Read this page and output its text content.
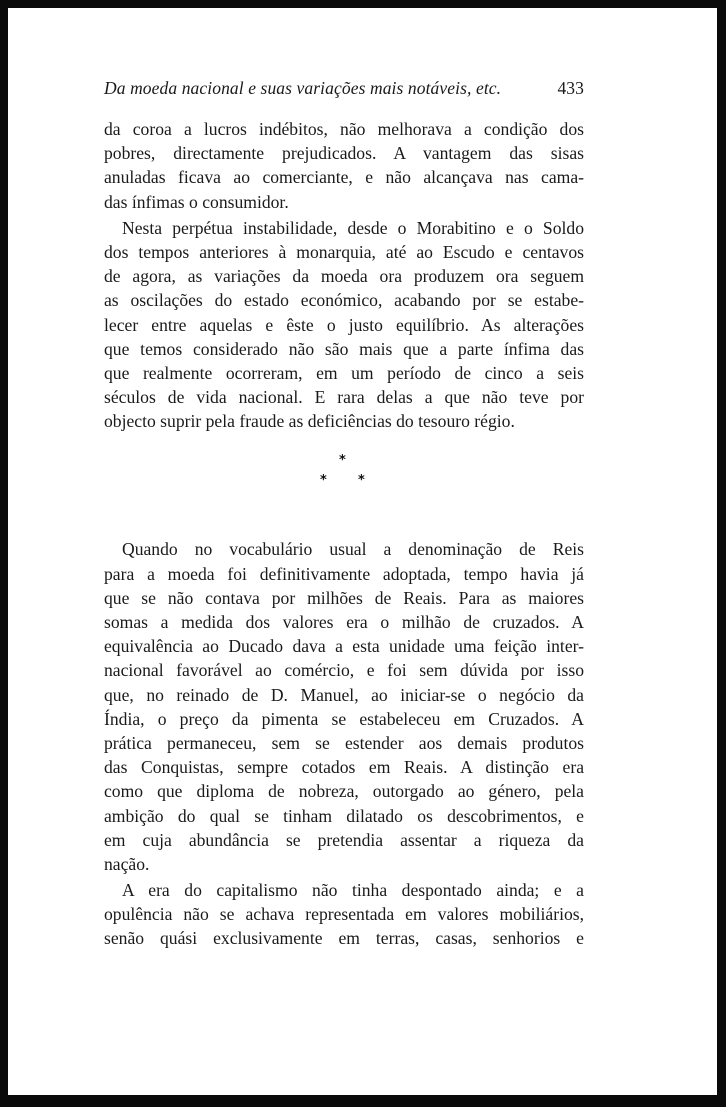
Da moeda nacional e suas variações mais notáveis, etc.	433
da coroa a lucros indébitos, não melhorava a condição dos
pobres, directamente prejudicados. A vantagem das sisas
anuladas ficava ao comerciante, e não alcançava nas cama-
das ínfimas o consumidor.
Nesta perpétua instabilidade, desde o Morabitino e o Soldo
dos tempos anteriores à monarquia, até ao Escudo e centavos
de agora, as variações da moeda ora produzem ora seguem
as oscilações do estado económico, acabando por se estabe-
lecer entre aquelas e êste o justo equilíbrio. As alterações
que temos considerado não são mais que a parte ínfima das
que realmente ocorreram, em um período de cinco a seis
séculos de vida nacional. E rara delas a que não teve por
objecto suprir pela fraude as deficiências do tesouro régio.
*
* *
Quando no vocabulário usual a denominação de Reis
para a moeda foi definitivamente adoptada, tempo havia já
que se não contava por milhões de Reais. Para as maiores
somas a medida dos valores era o milhão de cruzados. A
equivalência ao Ducado dava a esta unidade uma feição inter-
nacional favorável ao comércio, e foi sem dúvida por isso
que, no reinado de D. Manuel, ao iniciar-se o negócio da
Índia, o preço da pimenta se estabeleceu em Cruzados. A
prática permaneceu, sem se estender aos demais produtos
das Conquistas, sempre cotados em Reais. A distinção era
como que diploma de nobreza, outorgado ao género, pela
ambição do qual se tinham dilatado os descobrimentos, e
em cuja abundância se pretendia assentar a riqueza da
nação.
A era do capitalismo não tinha despontado ainda; e a
opulência não se achava representada em valores mobiliários,
senão quási exclusivamente em terras, casas, senhorios e
